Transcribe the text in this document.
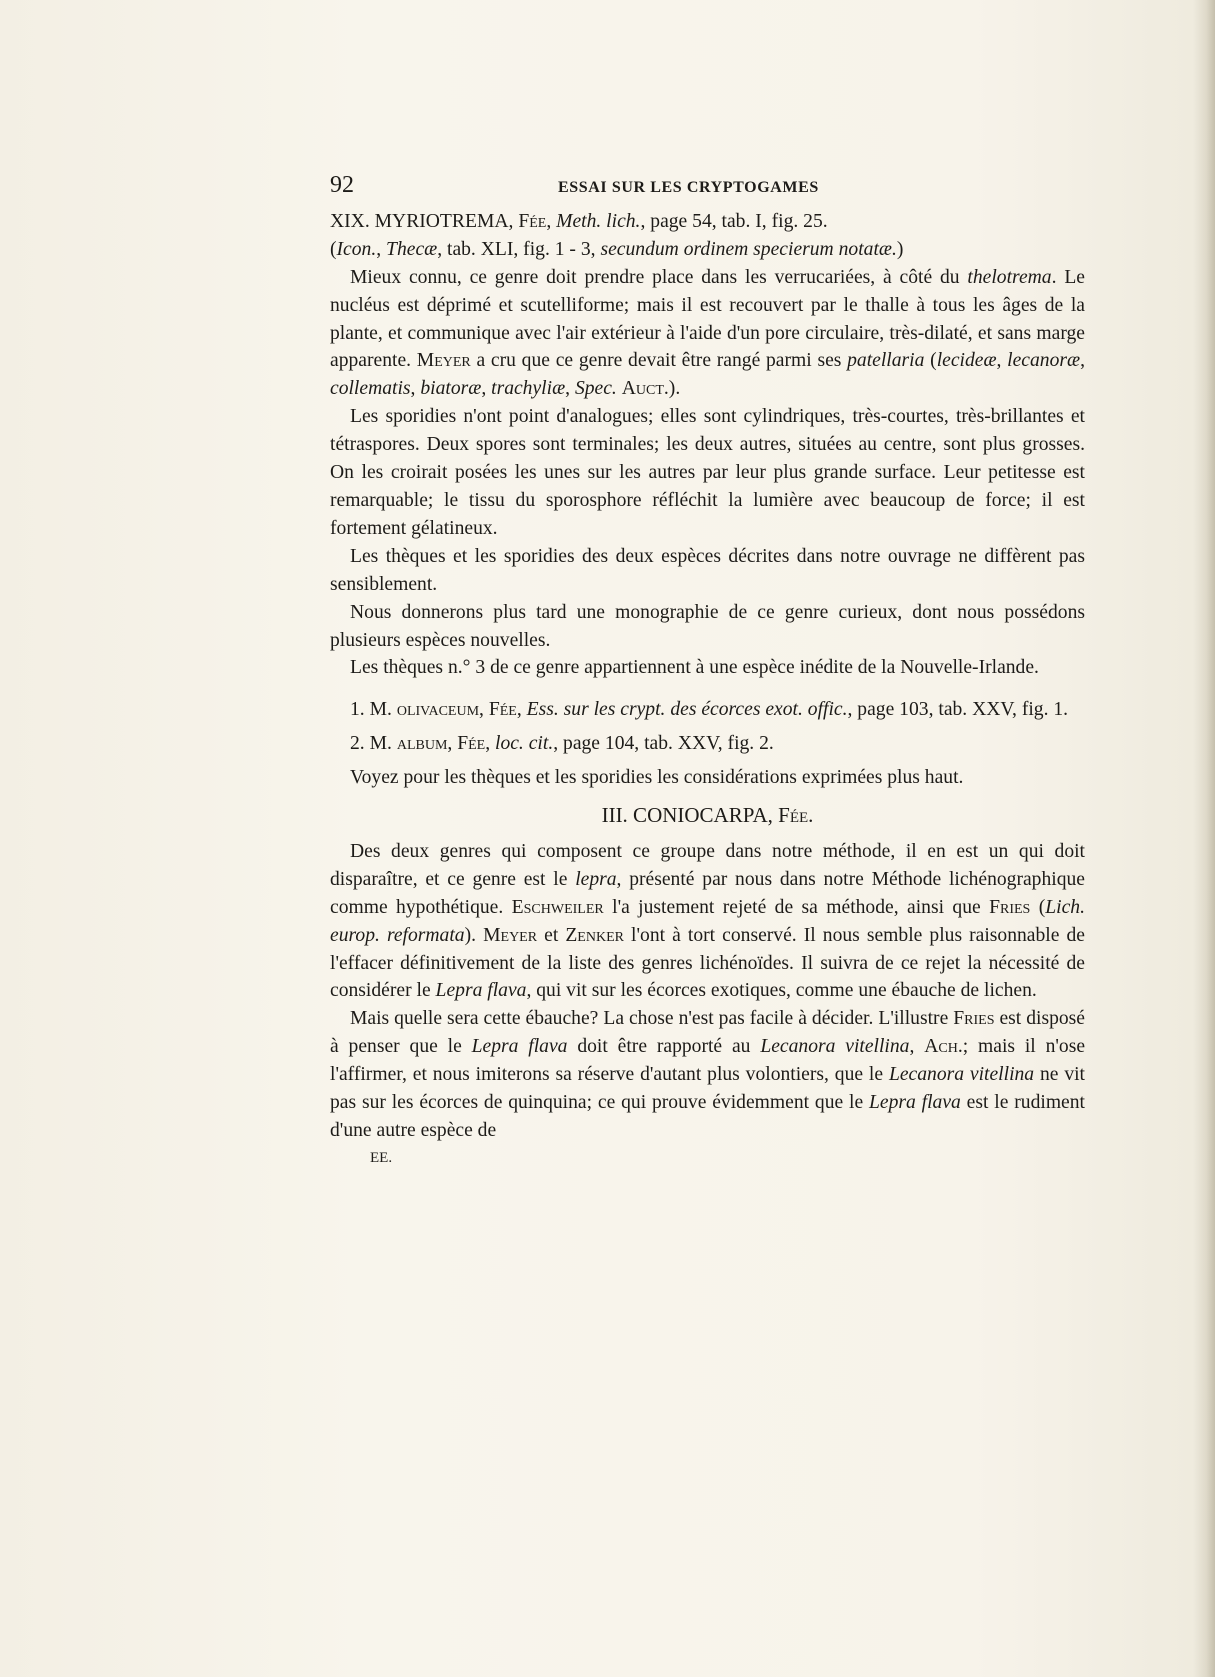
92	ESSAI SUR LES CRYPTOGAMES

XIX. MYRIOTREMA, Fée, Meth. lich., page 54, tab. I, fig. 25.

(Icon., Thecæ, tab. XLI, fig. 1 - 3, secundum ordinem specierum notatæ.)

Mieux connu, ce genre doit prendre place dans les verrucariées, à côté du thelotrema. Le nucléus est déprimé et scutelliforme; mais il est recouvert par le thalle à tous les âges de la plante, et communique avec l'air extérieur à l'aide d'un pore circulaire, très-dilaté, et sans marge apparente. Meyer a cru que ce genre devait être rangé parmi ses patellaria (lecideæ, lecanoræ, collematis, biatoræ, trachyliæ, Spec. Auct.).

Les sporidies n'ont point d'analogues; elles sont cylindriques, très-courtes, très-brillantes et tétraspores. Deux spores sont terminales; les deux autres, situées au centre, sont plus grosses. On les croirait posées les unes sur les autres par leur plus grande surface. Leur petitesse est remarquable; le tissu du sporosphore réfléchit la lumière avec beaucoup de force; il est fortement gélatineux.

Les thèques et les sporidies des deux espèces décrites dans notre ouvrage ne diffèrent pas sensiblement.

Nous donnerons plus tard une monographie de ce genre curieux, dont nous possédons plusieurs espèces nouvelles.

Les thèques n.° 3 de ce genre appartiennent à une espèce inédite de la Nouvelle-Irlande.

1. M. olivaceum, Fée, Ess. sur les crypt. des écorces exot. offic., page 103, tab. XXV, fig. 1.

2. M. album, Fée, loc. cit., page 104, tab. XXV, fig. 2.

Voyez pour les thèques et les sporidies les considérations exprimées plus haut.

III. CONIOCARPA, Fée.

Des deux genres qui composent ce groupe dans notre méthode, il en est un qui doit disparaître, et ce genre est le lepra, présenté par nous dans notre Méthode lichénographique comme hypothétique. Eschweiler l'a justement rejeté de sa méthode, ainsi que Fries (Lich. europ. reformata). Meyer et Zenker l'ont à tort conservé. Il nous semble plus raisonnable de l'effacer définitivement de la liste des genres lichénoïdes. Il suivra de ce rejet la nécessité de considérer le Lepra flava, qui vit sur les écorces exotiques, comme une ébauche de lichen.

Mais quelle sera cette ébauche? La chose n'est pas facile à décider. L'illustre Fries est disposé à penser que le Lepra flava doit être rapporté au Lecanora vitellina, Ach.; mais il n'ose l'affirmer, et nous imiterons sa réserve d'autant plus volontiers, que le Lecanora vitellina ne vit pas sur les écorces de quinquina; ce qui prouve évidemment que le Lepra flava est le rudiment d'une autre espèce de

EE.
